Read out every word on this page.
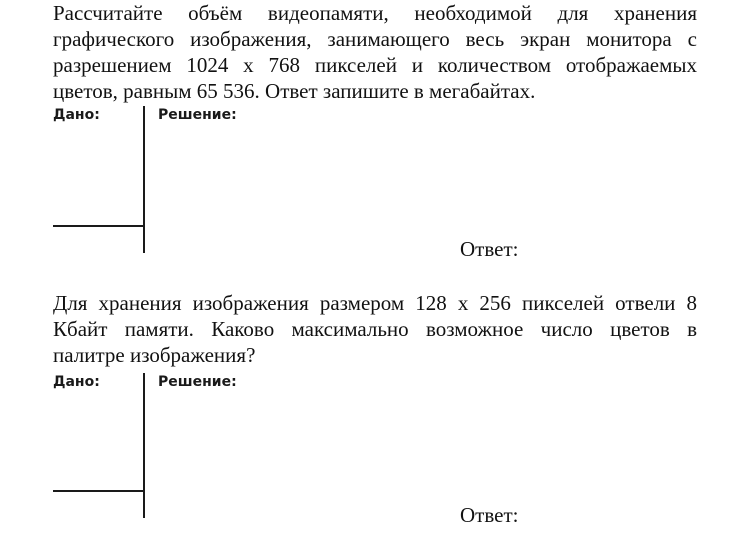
Рассчитайте объём видеопамяти, необходимой для хранения
графического изображения, занимающего весь экран монитора с
разрешением 1024 x 768 пикселей и количеством отображаемых
цветов, равным 65 536. Ответ запишите в мегабайтах.
Дано:	Решение:
Ответ:
Для хранения изображения размером 128 x 256 пикселей отвели 8
Кбайт памяти. Каково максимально возможное число цветов в
палитре изображения?
Дано:	Решение:
Ответ:
